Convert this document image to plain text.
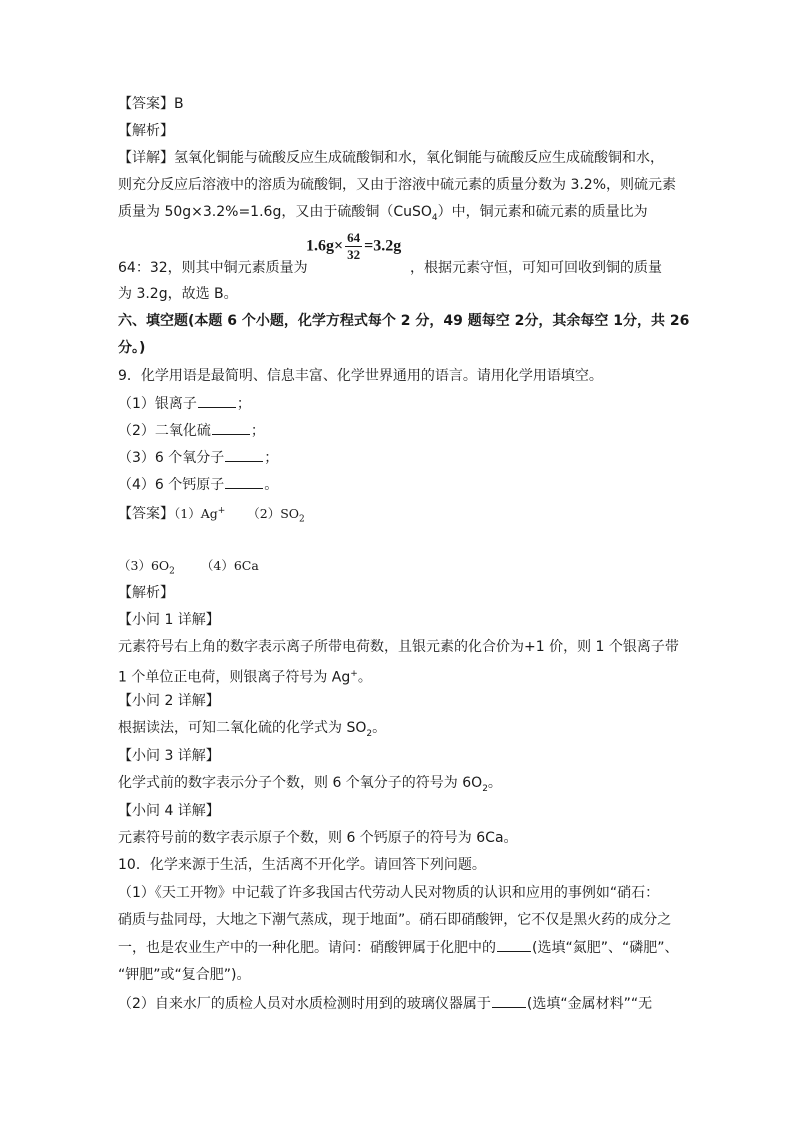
【答案】B
【解析】
【详解】氢氧化铜能与硫酸反应生成硫酸铜和水，氧化铜能与硫酸反应生成硫酸铜和水，
则充分反应后溶液中的溶质为硫酸铜，又由于溶液中硫元素的质量分数为 3.2%，则硫元素
质量为 50g×3.2%=1.6g，又由于硫酸铜（CuSO$_4$）中，铜元素和硫元素的质量比为
$1.6g\times \frac{64}{32} =3.2g$
64：32，则其中铜元素质量为	，根据元素守恒，可知可回收到铜的质量
为 3.2g，故选 B。
六、填空题(本题 6 个小题，化学方程式每个 2 分，49 题每空 2分，其余每空 1分，共 26
分。)
9．化学用语是最简明、信息丰富、化学世界通用的语言。请用化学用语填空。
（1）银离子	；
（2）二氧化硫	；
（3）6 个氧分子	；
（4）6 个钙原子	。
【答案】（1）Ag+ $(2)SO_2$
$(3)6O_2$ （4）6Ca
【解析】
【小问 1 详解】
元素符号右上角的数字表示离子所带电荷数，且银元素的化合价为+1 价，则 1 个银离子带
1 个单位正电荷，则银离子符号为 Ag+。
【小问 2 详解】
根据读法，可知二氧化硫的化学式为 $SO_2$。
【小问 3 详解】
化学式前的数字表示分子个数，则 6 个氧分子的符号为 $6O_2$。
【小问 4 详解】
元素符号前的数字表示原子个数，则 6 个钙原子的符号为 6Ca。
10．化学来源于生活，生活离不开化学。请回答下列问题。
（1）《天工开物》中记载了许多我国古代劳动人民对物质的认识和应用的事例如“硝石：
硝质与盐同母，大地之下潮气蒸成，现于地面”。硝石即硝酸钾，它不仅是黑火药的成分之
一，也是农业生产中的一种化肥。请问：硝酸钾属于化肥中的	(选填“氮肥”、“磷肥”、
“钾肥”或“复合肥”)。
（2）自来水厂的质检人员对水质检测时用到的玻璃仪器属于	(选填“金属材料”“无
